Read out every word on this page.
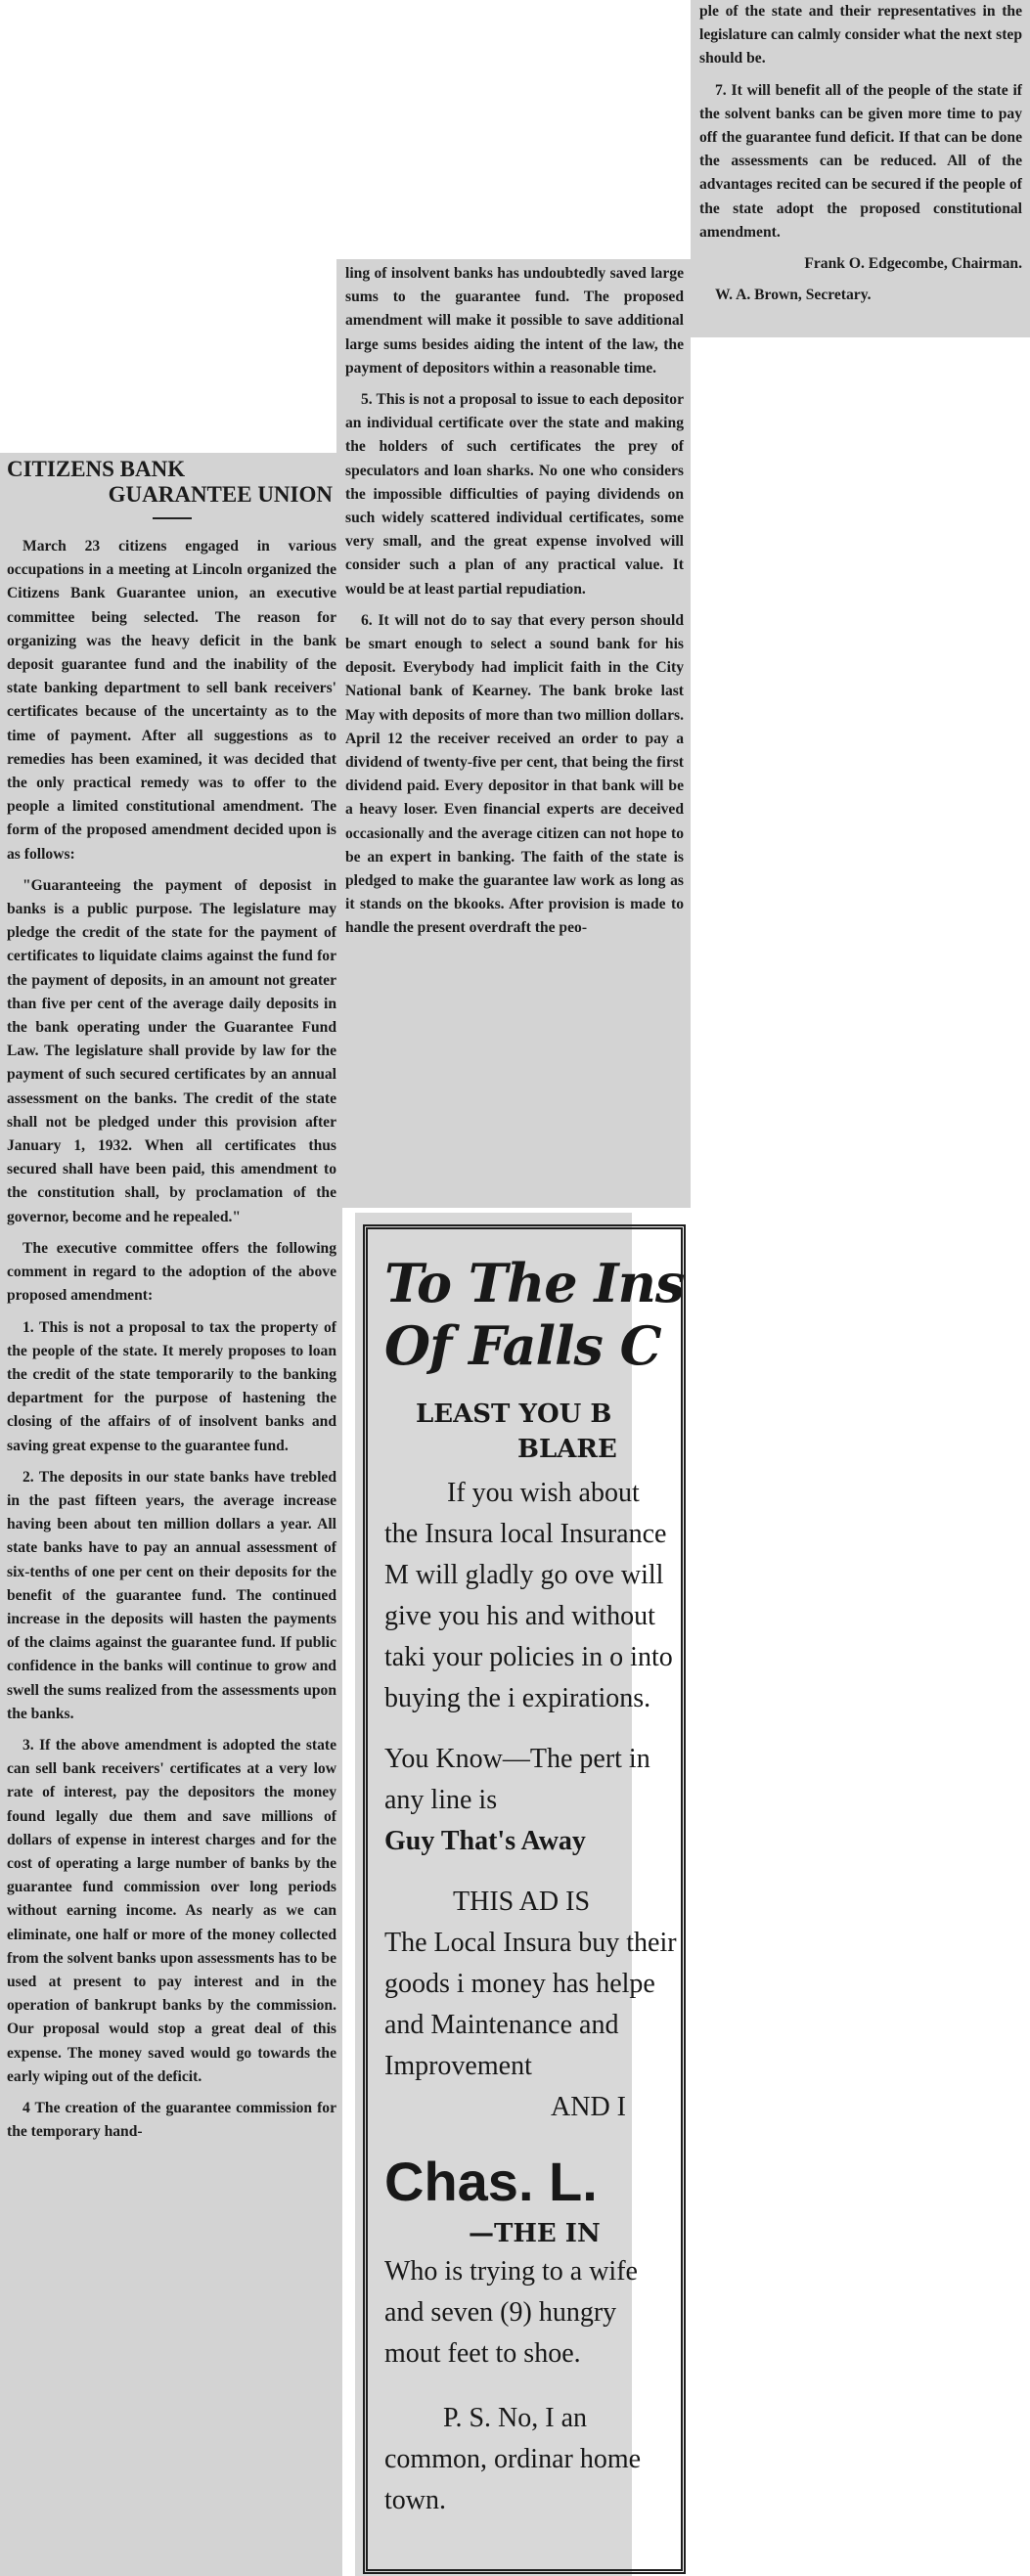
ple of the state and their representatives in the legislature can calmly consider what the next step should be.

7. It will benefit all of the people of the state if the solvent banks can be given more time to pay off the guarantee fund deficit. If that can be done the assessments can be reduced. All of the advantages recited can be secured if the people of the state adopt the proposed constitutional amendment.

Frank O. Edgecombe, Chairman.

W. A. Brown, Secretary.

ling of insolvent banks has undoubtedly saved large sums to the guarantee fund. The proposed amendment will make it possible to save additional large sums besides aiding the intent of the law, the payment of depositors within a reasonable time.

5. This is not a proposal to issue to each depositor an individual certificate over the state and making the holders of such certificates the prey of speculators and loan sharks. No one who considers the impossible difficulties of paying dividends on such widely scattered individual certificates, some very small, and the great expense involved will consider such a plan of any practical value. It would be at least partial repudiation.

6. It will not do to say that every person should be smart enough to select a sound bank for his deposit. Everybody had implicit faith in the City National bank of Kearney. The bank broke last May with deposits of more than two million dollars. April 12 the receiver received an order to pay a dividend of twenty-five per cent, that being the first dividend paid. Every depositor in that bank will be a heavy loser. Even financial experts are deceived occasionally and the average citizen can not hope to be an expert in banking. The faith of the state is pledged to make the guarantee law work as long as it stands on the bkooks. After provision is made to handle the present overdraft the peo-

CITIZENS BANK
GUARANTEE UNION

March 23 citizens engaged in various occupations in a meeting at Lincoln organized the Citizens Bank Guarantee union, an executive committee being selected. The reason for organizing was the heavy deficit in the bank deposit guarantee fund and the inability of the state banking department to sell bank receivers' certificates because of the uncertainty as to the time of payment. After all suggestions as to remedies has been examined, it was decided that the only practical remedy was to offer to the people a limited constitutional amendment. The form of the proposed amendment decided upon is as follows:

"Guaranteeing the payment of deposist in banks is a public purpose. The legislature may pledge the credit of the state for the payment of certificates to liquidate claims against the fund for the payment of deposits, in an amount not greater than five per cent of the average daily deposits in the bank operating under the Guarantee Fund Law. The legislature shall provide by law for the payment of such secured certificates by an annual assessment on the banks. The credit of the state shall not be pledged under this provision after January 1, 1932. When all certificates thus secured shall have been paid, this amendment to the constitution shall, by proclamation of the governor, become and he repealed."

The executive committee offers the following comment in regard to the adoption of the above proposed amendment:

1. This is not a proposal to tax the property of the people of the state. It merely proposes to loan the credit of the state temporarily to the banking department for the purpose of hastening the closing of the affairs of of insolvent banks and saving great expense to the guarantee fund.

2. The deposits in our state banks have trebled in the past fifteen years, the average increase having been about ten million dollars a year. All state banks have to pay an annual assessment of six-tenths of one per cent on their deposits for the benefit of the guarantee fund. The continued increase in the deposits will hasten the payments of the claims against the guarantee fund. If public confidence in the banks will continue to grow and swell the sums realized from the assessments upon the banks.

3. If the above amendment is adopted the state can sell bank receivers' certificates at a very low rate of interest, pay the depositors the money found legally due them and save millions of dollars of expense in interest charges and for the cost of operating a large number of banks by the guarantee fund commission over long periods without earning income. As nearly as we can eliminate, one half or more of the money collected from the solvent banks upon assessments has to be used at present to pay interest and in the operation of bankrupt banks by the commission. Our proposal would stop a great deal of this expense. The money saved would go towards the early wiping out of the deficit.

4 The creation of the guarantee commission for the temporary hand-

To The Ins
Of Falls C
LEAST YOU B
BLARE
If you wish about the Insura local Insurance M will gladly go ove will give you his and without taki your policies in o into buying the i expirations.
You Know—The pert in any line is
Guy That's Away
THIS AD IS
The Local Insura buy their goods i money has helpe and Maintenance and Improvement
AND I
Chas. L.
—THE IN
Who is trying to a wife and seven (9) hungry mout feet to shoe.
P. S. No, I an common, ordinar home town.
